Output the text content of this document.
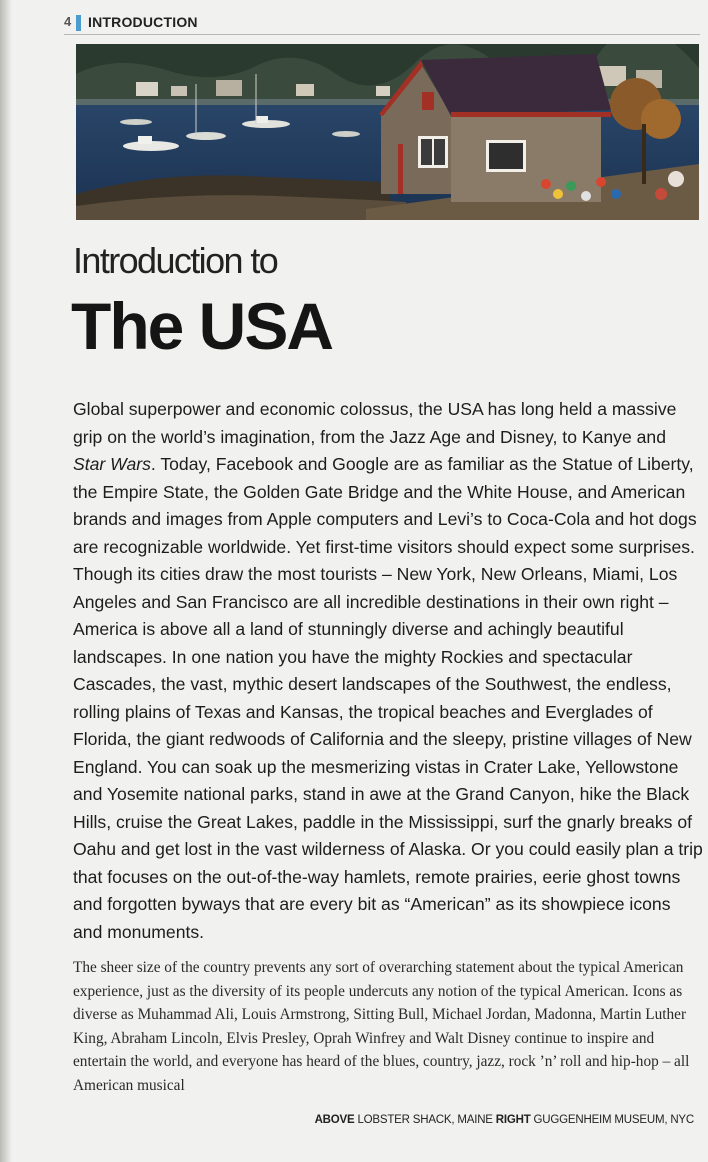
4 INTRODUCTION
Introduction to
The USA

Global superpower and economic colossus, the USA has long held a massive grip on the world’s imagination, from the Jazz Age and Disney, to Kanye and Star Wars. Today, Facebook and Google are as familiar as the Statue of Liberty, the Empire State, the Golden Gate Bridge and the White House, and American brands and images from Apple computers and Levi’s to Coca-Cola and hot dogs are recognizable worldwide. Yet first-time visitors should expect some surprises. Though its cities draw the most tourists – New York, New Orleans, Miami, Los Angeles and San Francisco are all incredible destinations in their own right – America is above all a land of stunningly diverse and achingly beautiful landscapes. In one nation you have the mighty Rockies and spectacular Cascades, the vast, mythic desert landscapes of the Southwest, the endless, rolling plains of Texas and Kansas, the tropical beaches and Everglades of Florida, the giant redwoods of California and the sleepy, pristine villages of New England. You can soak up the mesmerizing vistas in Crater Lake, Yellowstone and Yosemite national parks, stand in awe at the Grand Canyon, hike the Black Hills, cruise the Great Lakes, paddle in the Mississippi, surf the gnarly breaks of Oahu and get lost in the vast wilderness of Alaska. Or you could easily plan a trip that focuses on the out-of-the-way hamlets, remote prairies, eerie ghost towns and forgotten byways that are every bit as “American” as its showpiece icons and monuments.

The sheer size of the country prevents any sort of overarching statement about the typical American experience, just as the diversity of its people undercuts any notion of the typical American. Icons as diverse as Muhammad Ali, Louis Armstrong, Sitting Bull, Michael Jordan, Madonna, Martin Luther King, Abraham Lincoln, Elvis Presley, Oprah Winfrey and Walt Disney continue to inspire and entertain the world, and everyone has heard of the blues, country, jazz, rock ’n’ roll and hip-hop – all American musical

ABOVE LOBSTER SHACK, MAINE RIGHT GUGGENHEIM MUSEUM, NYC
